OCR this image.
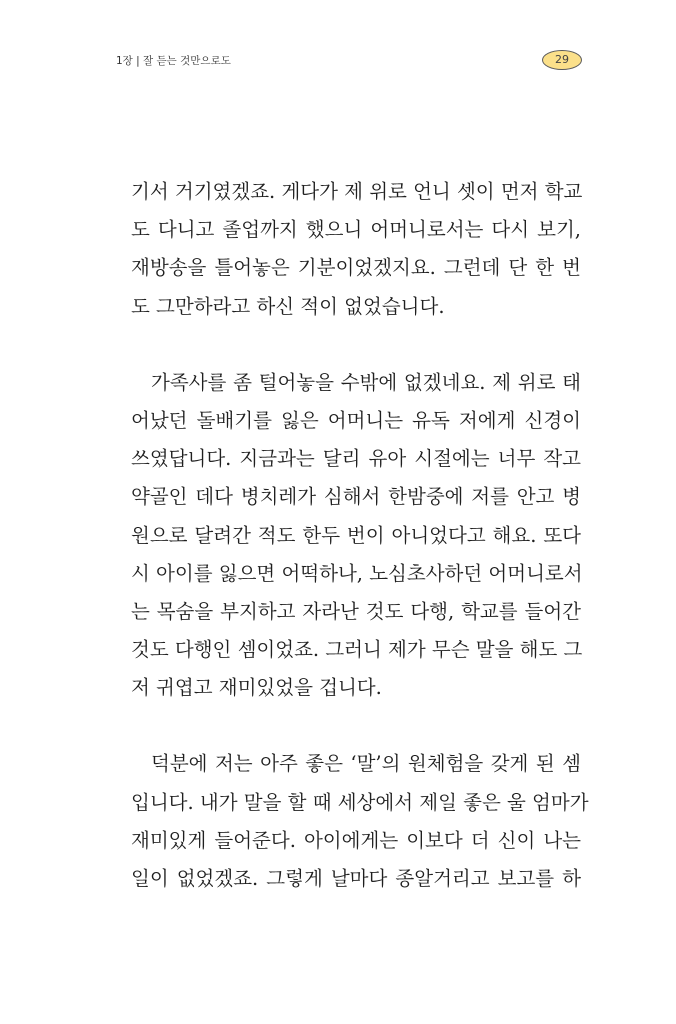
1장 | 잘 듣는 것만으로도	29
기서 거기였겠죠. 게다가 제 위로 언니 셋이 먼저 학교
도 다니고 졸업까지 했으니 어머니로서는 다시 보기,
재방송을 틀어놓은 기분이었겠지요. 그런데 단 한 번
도 그만하라고 하신 적이 없었습니다.
가족사를 좀 털어놓을 수밖에 없겠네요. 제 위로 태
어났던 돌배기를 잃은 어머니는 유독 저에게 신경이
쓰였답니다. 지금과는 달리 유아 시절에는 너무 작고
약골인 데다 병치레가 심해서 한밤중에 저를 안고 병
원으로 달려간 적도 한두 번이 아니었다고 해요. 또다
시 아이를 잃으면 어떡하나, 노심초사하던 어머니로서
는 목숨을 부지하고 자라난 것도 다행, 학교를 들어간
것도 다행인 셈이었죠. 그러니 제가 무슨 말을 해도 그
저 귀엽고 재미있었을 겁니다.
덕분에 저는 아주 좋은 ‘말’의 원체험을 갖게 된 셈
입니다. 내가 말을 할 때 세상에서 제일 좋은 울 엄마가
재미있게 들어준다. 아이에게는 이보다 더 신이 나는
일이 없었겠죠. 그렇게 날마다 종알거리고 보고를 하
